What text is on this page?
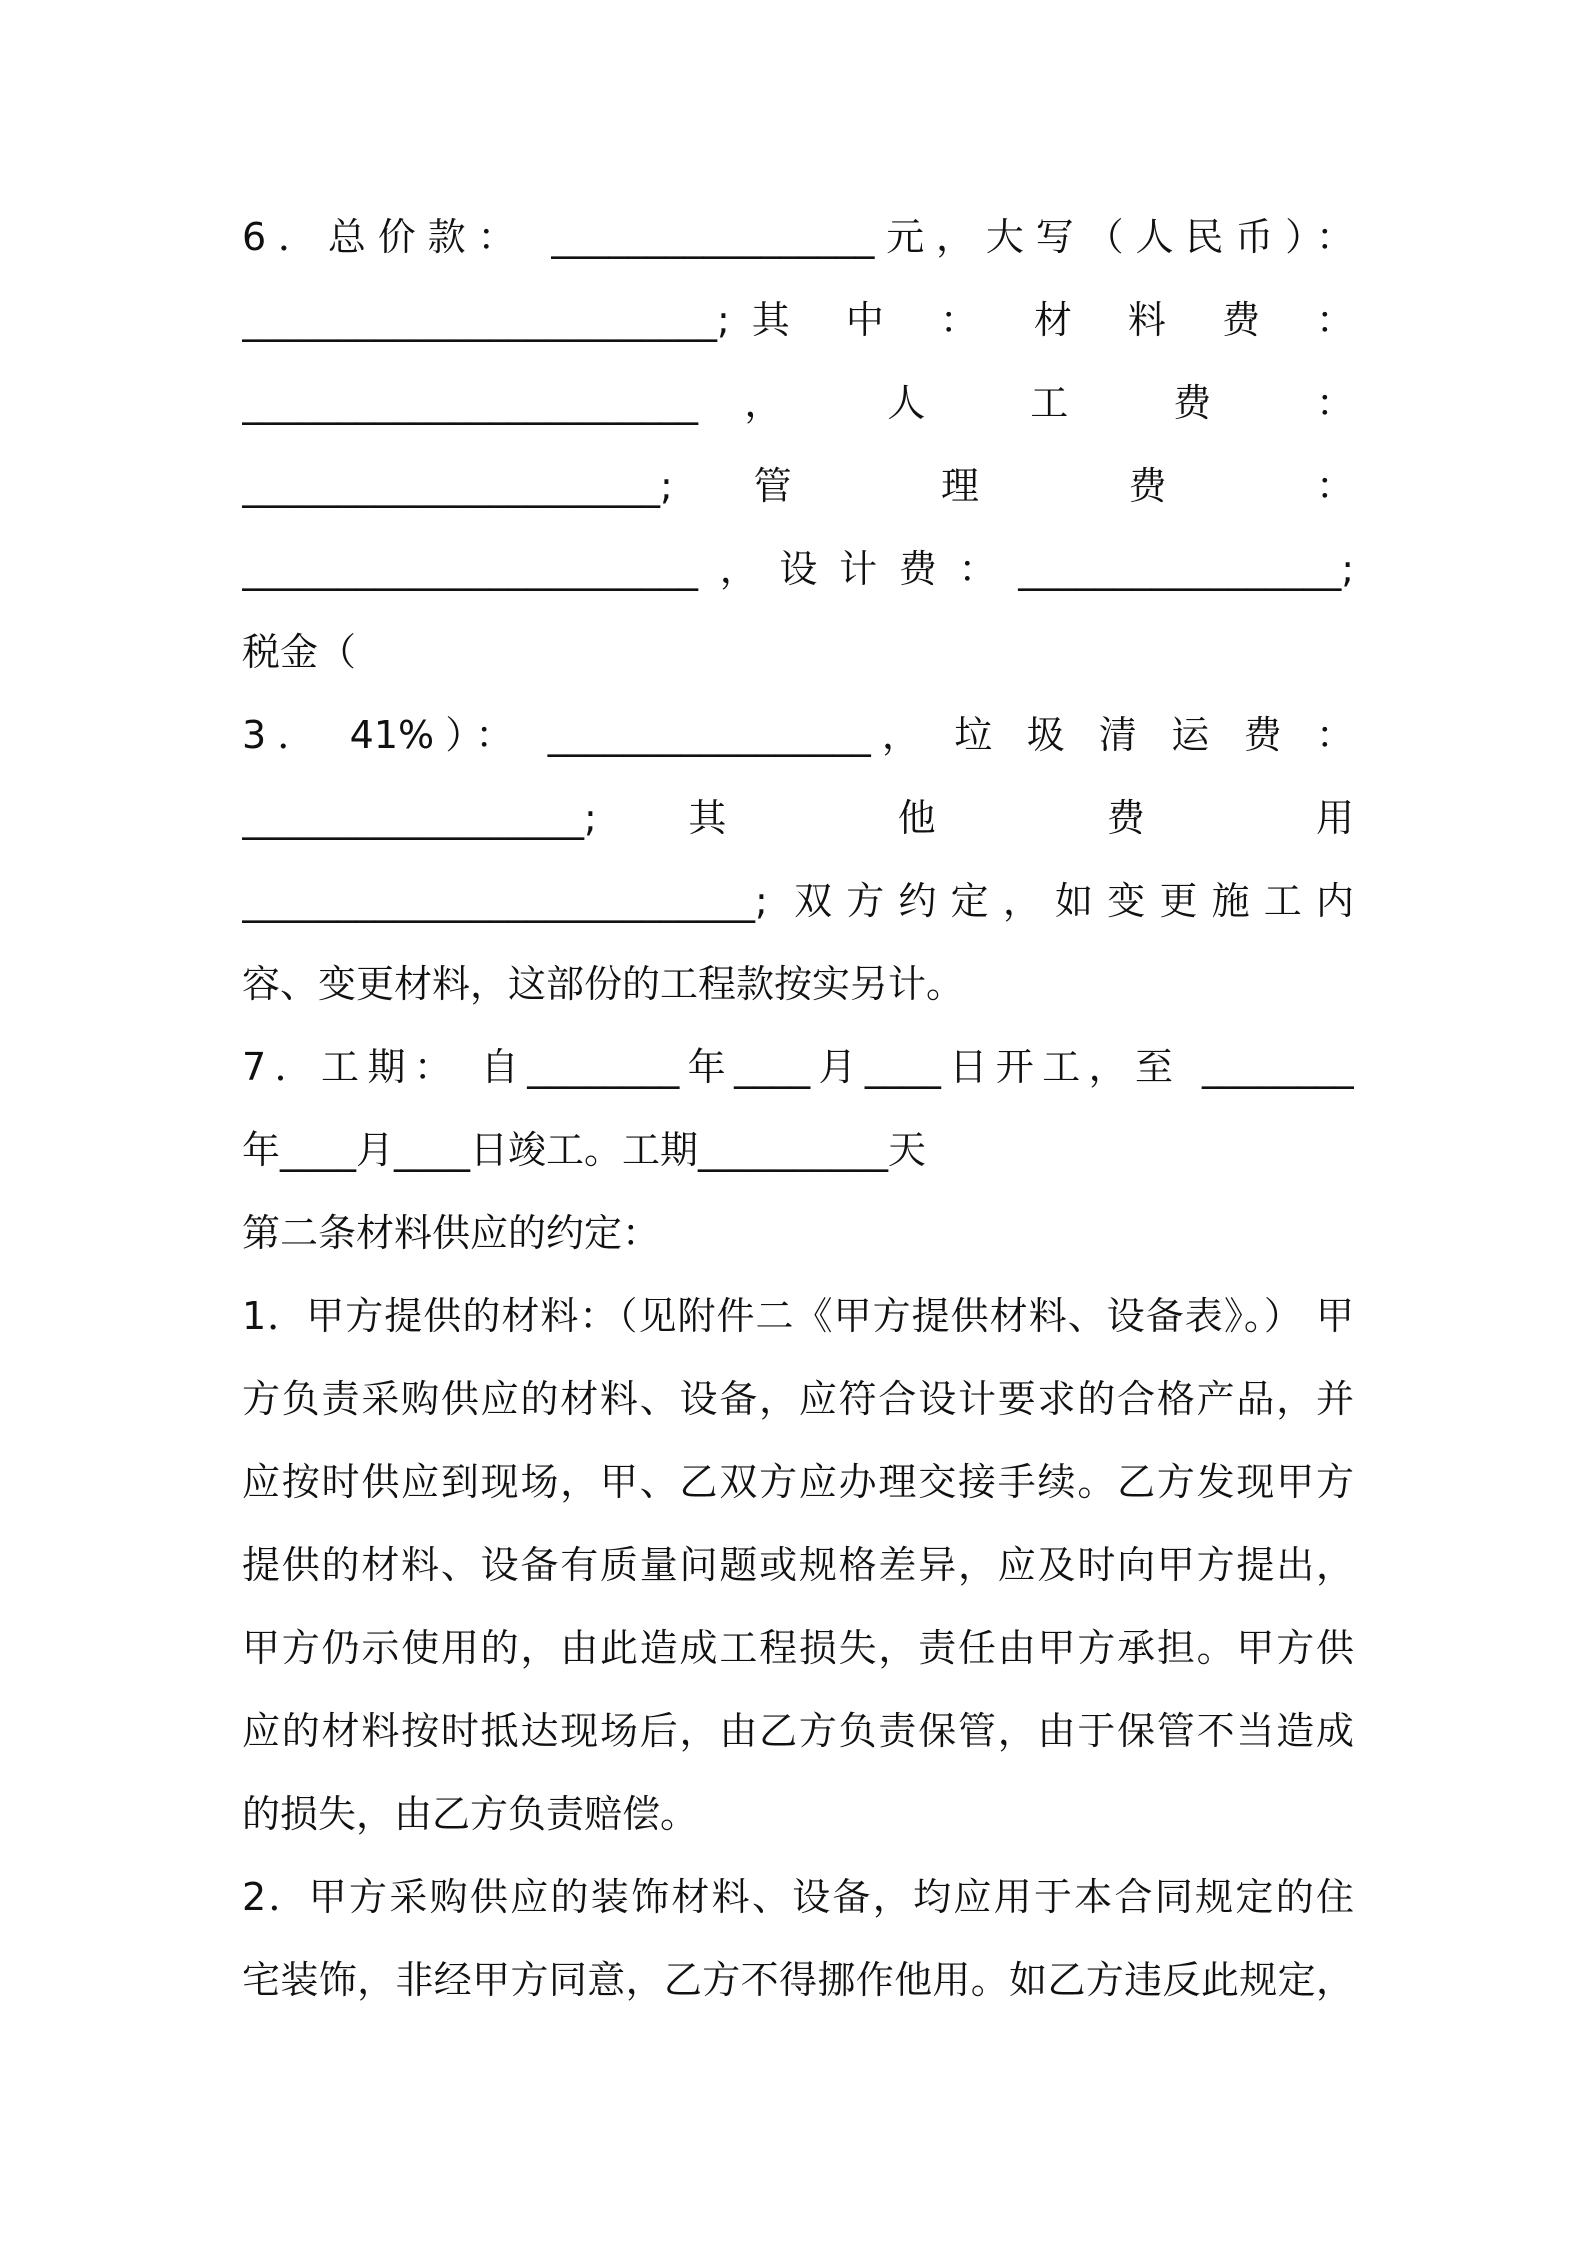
6．总价款： _________________元，大写（人民币）：
_________________________;其 中 ： 材 料 费 ：
________________________， 人 工 费 ：
______________________; 管 理 费 ：
________________________，设计费：_________________;
税金（
3． 41%）： _________________， 垃 圾 清 运 费 ：
__________________; 其 他 费 用
___________________________; 双方约定，如变更施工内
容、变更材料，这部份的工程款按实另计。
7．工期： 自________年____月____日开工，至 ________
年____月____日竣工。工期__________天
第二条材料供应的约定：
1．甲方提供的材料：（见附件二《甲方提供材料、设备表》。） 甲
方负责采购供应的材料、设备，应符合设计要求的合格产品，并
应按时供应到现场，甲、乙双方应办理交接手续。乙方发现甲方
提供的材料、设备有质量问题或规格差异，应及时向甲方提出，
甲方仍示使用的，由此造成工程损失，责任由甲方承担。甲方供
应的材料按时抵达现场后，由乙方负责保管，由于保管不当造成
的损失，由乙方负责赔偿。
2．甲方采购供应的装饰材料、设备，均应用于本合同规定的住
宅装饰，非经甲方同意，乙方不得挪作他用。如乙方违反此规定，
